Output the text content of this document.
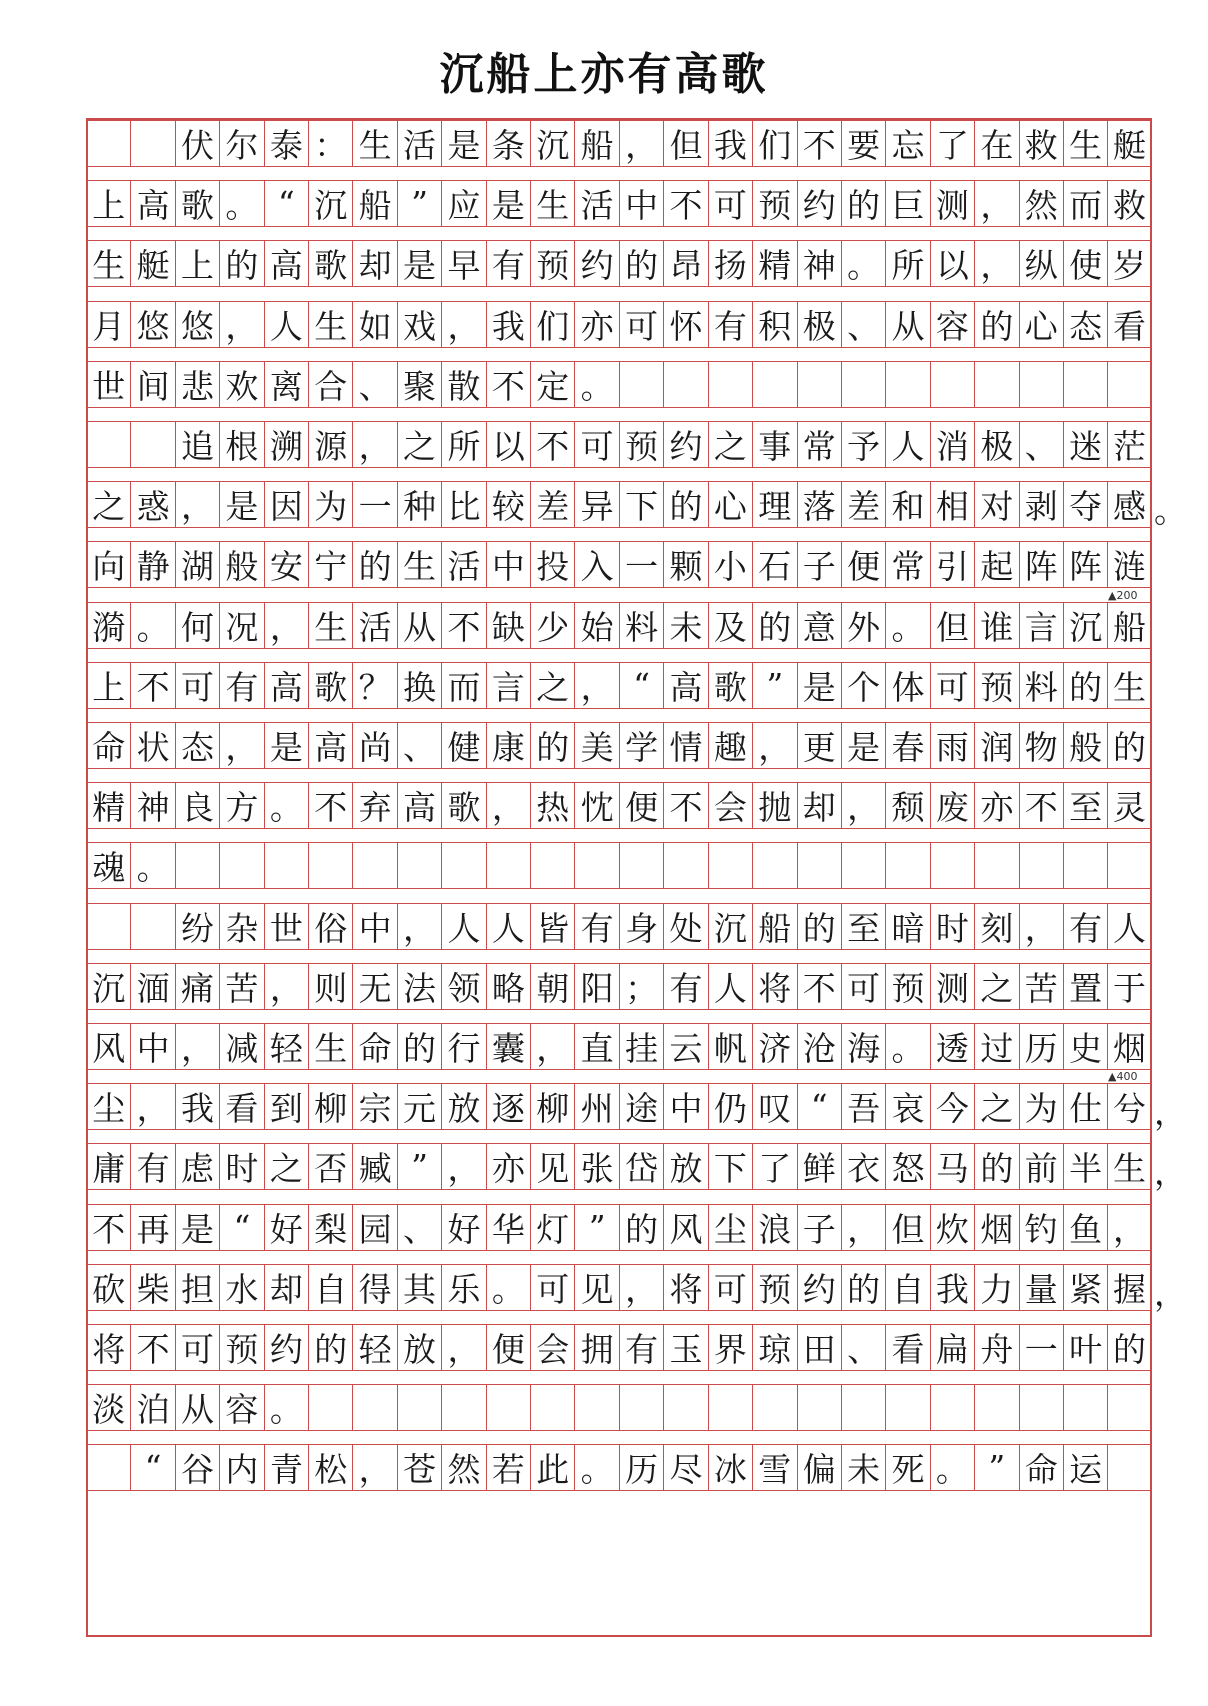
沉船上亦有高歌
伏 尔 泰 ： 生 活 是 条 沉 船 ， 但 我 们 不 要 忘 了 在 救 生 艇
上 高 歌 。 “ 沉 船 ” 应 是 生 活 中 不 可 预 约 的 巨 测 ， 然 而 救
生 艇 上 的 高 歌 却 是 早 有 预 约 的 昂 扬 精 神 。 所 以 ， 纵 使 岁
月 悠 悠 ， 人 生 如 戏 ， 我 们 亦 可 怀 有 积 极 、 从 容 的 心 态 看
世 间 悲 欢 离 合 、 聚 散 不 定 。
追 根 溯 源 ， 之 所 以 不 可 预 约 之 事 常 予 人 消 极 、 迷 茫
之 惑 ， 是 因 为 一 种 比 较 差 异 下 的 心 理 落 差 和 相 对 剥 夺 感 。
向 静 湖 般 安 宁 的 生 活 中 投 入 一 颗 小 石 子 便 常 引 起 阵 阵 涟
漪 。 何 况 ， 生 活 从 不 缺 少 始 料 未 及 的 意 外 。 但 谁 言 沉 船
上 不 可 有 高 歌 ？ 换 而 言 之 ， “ 高 歌 ” 是 个 体 可 预 料 的 生
命 状 态 ， 是 高 尚 、 健 康 的 美 学 情 趣 ， 更 是 春 雨 润 物 般 的
精 神 良 方 。 不 弃 高 歌 ， 热 忱 便 不 会 抛 却 ， 颓 废 亦 不 至 灵
魂 。
纷 杂 世 俗 中 ， 人 人 皆 有 身 处 沉 船 的 至 暗 时 刻 ， 有 人
沉 湎 痛 苦 ， 则 无 法 领 略 朝 阳 ； 有 人 将 不 可 预 测 之 苦 置 于
风 中 ， 减 轻 生 命 的 行 囊 ， 直 挂 云 帆 济 沧 海 。 透 过 历 史 烟
尘 ， 我 看 到 柳 宗 元 放 逐 柳 州 途 中 仍 叹 “ 吾 哀 今 之 为 仕 兮 ，
庸 有 虑 时 之 否 臧 ” ， 亦 见 张 岱 放 下 了 鲜 衣 怒 马 的 前 半 生 ，
不 再 是 “ 好 梨 园 、 好 华 灯 ” 的 风 尘 浪 子 ， 但 炊 烟 钓 鱼 ，
砍 柴 担 水 却 自 得 其 乐 。 可 见 ， 将 可 预 约 的 自 我 力 量 紧 握 ，
将 不 可 预 约 的 轻 放 ， 便 会 拥 有 玉 界 琼 田 、 看 扁 舟 一 叶 的
淡 泊 从 容 。
“ 谷 内 青 松 ， 苍 然 若 此 。 历 尽 冰 雪 偏 未 死 。 ” 命 运
▲200
▲400
